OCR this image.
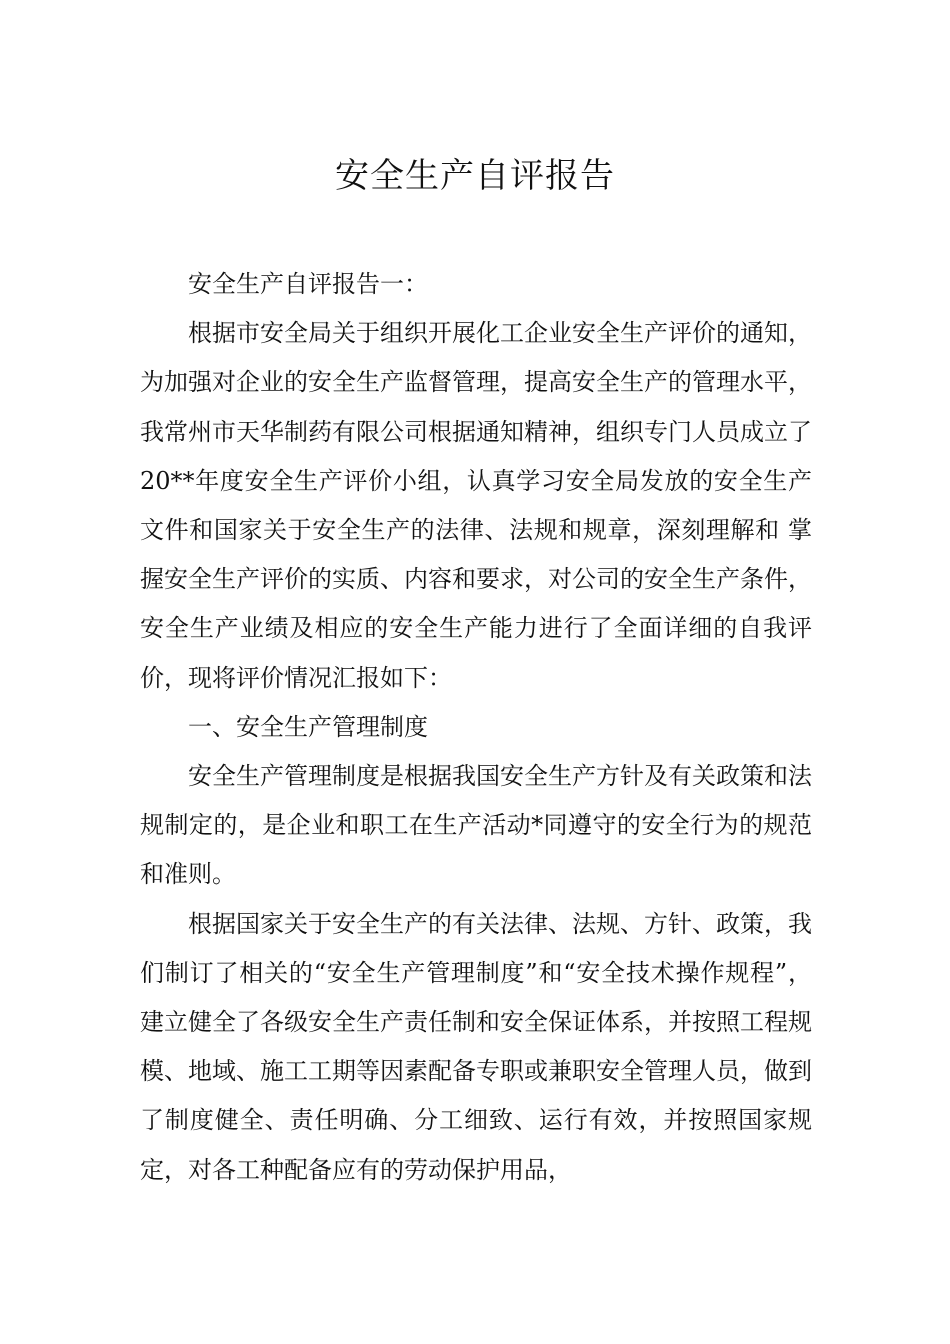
安全生产自评报告

安全生产自评报告一：

根据市安全局关于组织开展化工企业安全生产评价的通知，为加强对企业的安全生产监督管理，提高安全生产的管理水平，我常州市天华制药有限公司根据通知精神，组织专门人员成立了20**年度安全生产评价小组，认真学习安全局发放的安全生产文件和国家关于安全生产的法律、法规和规章，深刻理解和 掌握安全生产评价的实质、内容和要求，对公司的安全生产条件，安全生产业绩及相应的安全生产能力进行了全面详细的自我评价，现将评价情况汇报如下：

一、安全生产管理制度

安全生产管理制度是根据我国安全生产方针及有关政策和法规制定的，是企业和职工在生产活动*同遵守的安全行为的规范和准则。

根据国家关于安全生产的有关法律、法规、方针、政策，我们制订了相关的“安全生产管理制度”和“安全技术操作规程”，建立健全了各级安全生产责任制和安全保证体系，并按照工程规模、地域、施工工期等因素配备专职或兼职安全管理人员，做到了制度健全、责任明确、分工细致、运行有效，并按照国家规定，对各工种配备应有的劳动保护用品，
